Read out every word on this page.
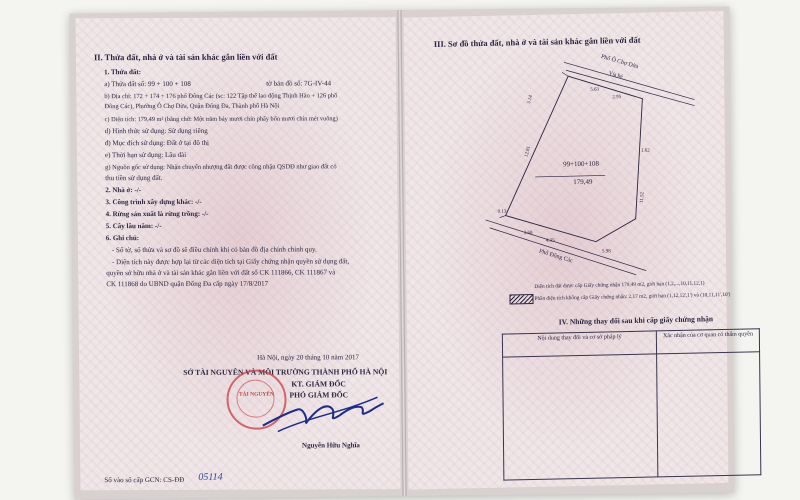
II. Thửa đất, nhà ở và tài sản khác gắn liền với đất
1. Thửa đất:
a) Thửa đất số: 99 + 100 + 108	tờ bản đồ số: 7G-IV-44
b) Địa chỉ: 172 + 174 + 176 phố Đông Các (sc: 122 Tập thể lao động Thịnh Hào + 126 phố
Đông Các), Phường Ô Chợ Dừa, Quận Đống Đa, Thành phố Hà Nội
c) Diện tích: 179,49 m² (bằng chữ: Một trăm bảy mươi chín phẩy bốn mươi chín mét vuông)
d) Hình thức sử dụng: Sử dụng riêng
đ) Mục đích sử dụng: Đất ở tại đô thị
e) Thời hạn sử dụng: Lâu dài
g) Nguồn gốc sử dụng: Nhận chuyển nhượng đất được công nhận QSDĐ như giao đất có
thu tiền sử dụng đất.
2. Nhà ở: -/-
3. Công trình xây dựng khác: -/-
4. Rừng sản xuất là rừng trồng: -/-
5. Cây lâu năm: -/-
6. Ghi chú:
- Số tờ, số thửa và sơ đồ sẽ điều chỉnh khi có bản đồ địa chính chính quy.
- Diện tích này được hợp lại từ các diện tích tại Giấy chứng nhận quyền sử dụng đất,
quyền sở hữu nhà ở và tài sản khác gắn liền với đất số CK 111866, CK 111867 và
CK 111868 do UBND quận Đống Đa cấp ngày 17/8/2017
Hà Nội, ngày 20 tháng 10 năm 2017
SỞ TÀI NGUYÊN VÀ MÔI TRƯỜNG THÀNH PHỐ HÀ NỘI
KT. GIÁM ĐỐC
PHÓ GIÁM ĐỐC
TÀI NGUYÊN
Nguyễn Hữu Nghĩa
Số vào sổ cấp GCN: CS-ĐĐ 05114
III. Sơ đồ thửa đất, nhà ở và tài sản khác gắn liền với đất
Phố Ô Chợ Dừa
Vỉa hè
Phố Đông Các
99+100+108
179,49
5.63
2.95
12.81
11.52
3.68
4.35
5.98
0.13
1.62
3.14
Diện tích đất được cấp Giấy chứng nhận 179,49 m2, giới hạn (1,2,...,10,11,12,1)
Phần diện tích không cấp Giấy chứng nhận: 2,17 m2, giới hạn (1,12,12',1') và (10,11,11',10')
IV. Những thay đổi sau khi cấp giấy chứng nhận
Nội dung thay đổi và cơ sở pháp lý	Xác nhận của cơ quan có thẩm quyền
